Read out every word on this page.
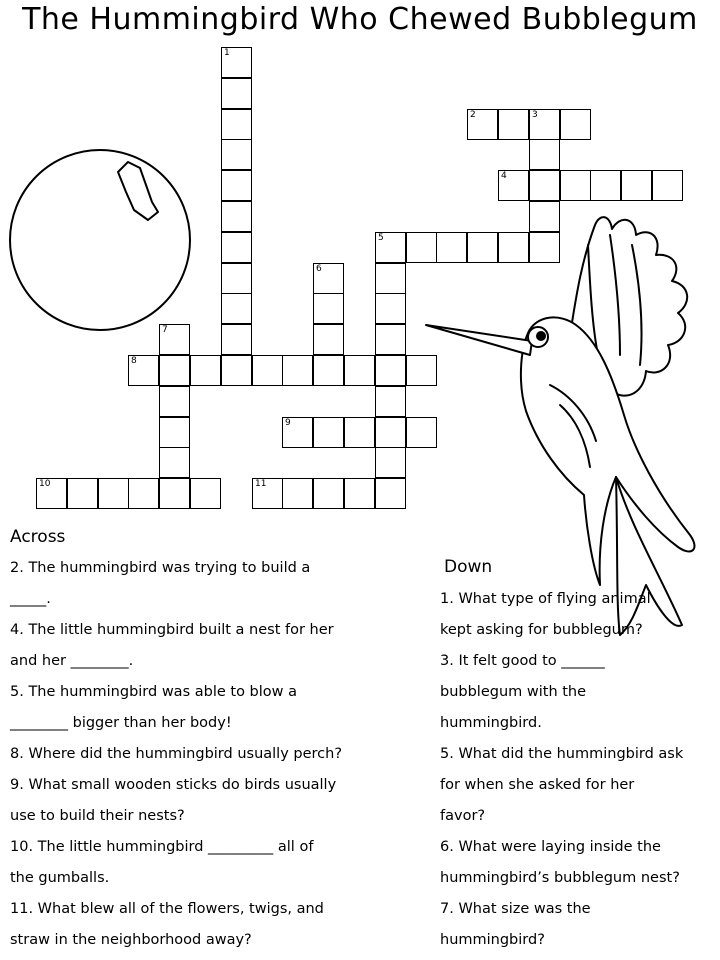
The Hummingbird Who Chewed Bubblegum
1
2	3
4
5
6
7
8
9
10	11
Across
Down
2. The hummingbird was trying to build a
_____.
4. The little hummingbird built a nest for her
and her ________.
5. The hummingbird was able to blow a
________ bigger than her body!
8. Where did the hummingbird usually perch?
9. What small wooden sticks do birds usually
use to build their nests?
10. The little hummingbird _________ all of
the gumballs.
11. What blew all of the flowers, twigs, and
straw in the neighborhood away?
1. What type of flying animal
kept asking for bubblegum?
3. It felt good to ______
bubblegum with the
hummingbird.
5. What did the hummingbird ask
for when she asked for her
favor?
6. What were laying inside the
hummingbird’s bubblegum nest?
7. What size was the
hummingbird?
